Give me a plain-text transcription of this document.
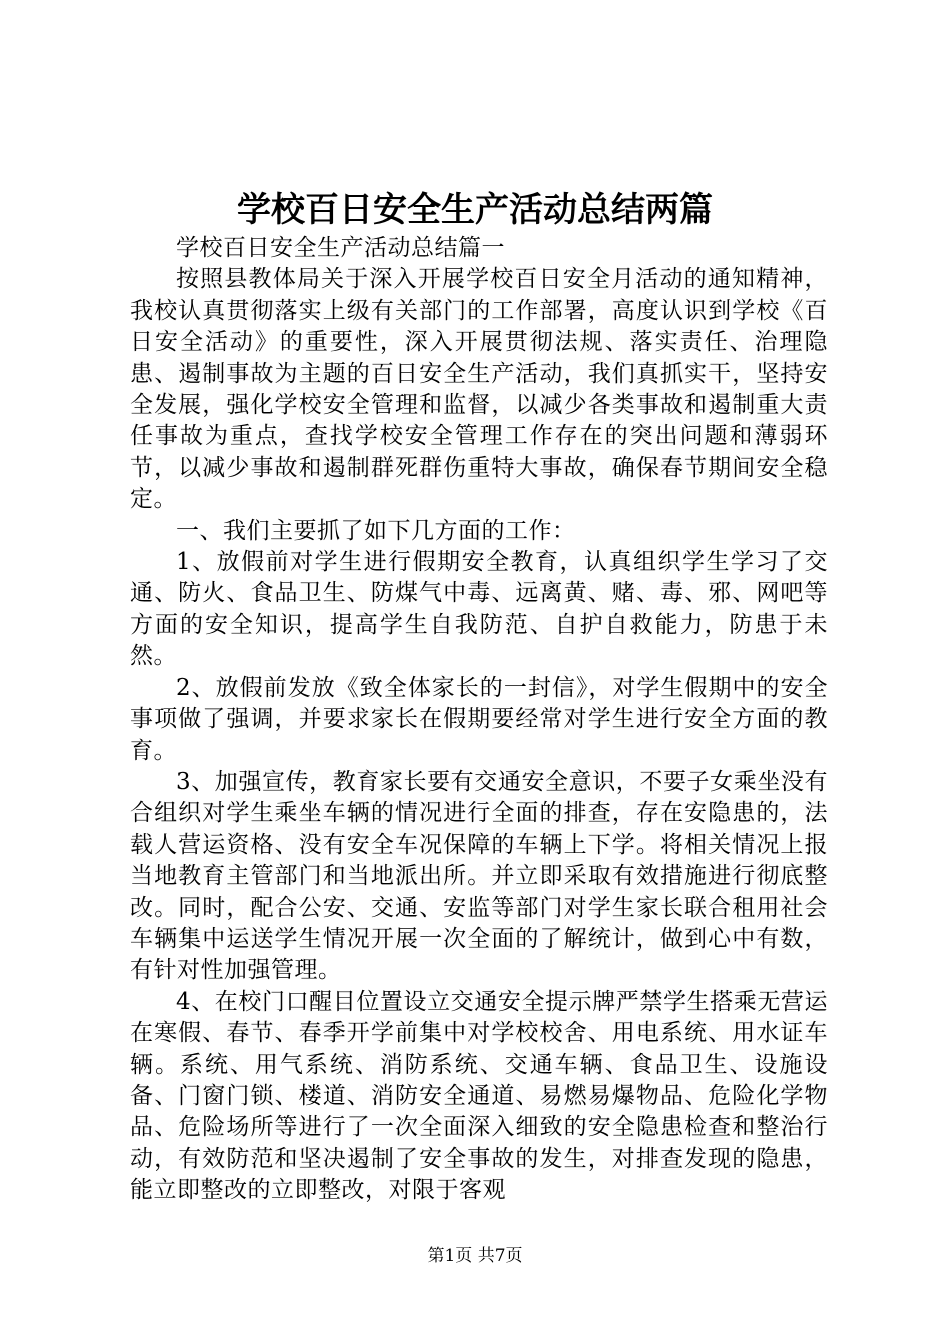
学校百日安全生产活动总结两篇

学校百日安全生产活动总结篇一

按照县教体局关于深入开展学校百日安全月活动的通知精神，我校认真贯彻落实上级有关部门的工作部署，高度认识到学校《百日安全活动》的重要性，深入开展贯彻法规、落实责任、治理隐患、遏制事故为主题的百日安全生产活动，我们真抓实干，坚持安全发展，强化学校安全管理和监督，以减少各类事故和遏制重大责任事故为重点，查找学校安全管理工作存在的突出问题和薄弱环节，以减少事故和遏制群死群伤重特大事故，确保春节期间安全稳定。

一、我们主要抓了如下几方面的工作：

1、放假前对学生进行假期安全教育，认真组织学生学习了交通、防火、食品卫生、防煤气中毒、远离黄、赌、毒、邪、网吧等方面的安全知识，提高学生自我防范、自护自救能力，防患于未然。

2、放假前发放《致全体家长的一封信》，对学生假期中的安全事项做了强调，并要求家长在假期要经常对学生进行安全方面的教育。

3、加强宣传，教育家长要有交通安全意识，不要子女乘坐没有合组织对学生乘坐车辆的情况进行全面的排查，存在安隐患的，法载人营运资格、没有安全车况保障的车辆上下学。将相关情况上报当地教育主管部门和当地派出所。并立即采取有效措施进行彻底整改。同时，配合公安、交通、安监等部门对学生家长联合租用社会车辆集中运送学生情况开展一次全面的了解统计，做到心中有数，有针对性加强管理。

4、在校门口醒目位置设立交通安全提示牌严禁学生搭乘无营运在寒假、春节、春季开学前集中对学校校舍、用电系统、用水证车辆。系统、用气系统、消防系统、交通车辆、食品卫生、设施设备、门窗门锁、楼道、消防安全通道、易燃易爆物品、危险化学物品、危险场所等进行了一次全面深入细致的安全隐患检查和整治行动，有效防范和坚决遏制了安全事故的发生，对排查发现的隐患，能立即整改的立即整改，对限于客观

第1页 共7页
